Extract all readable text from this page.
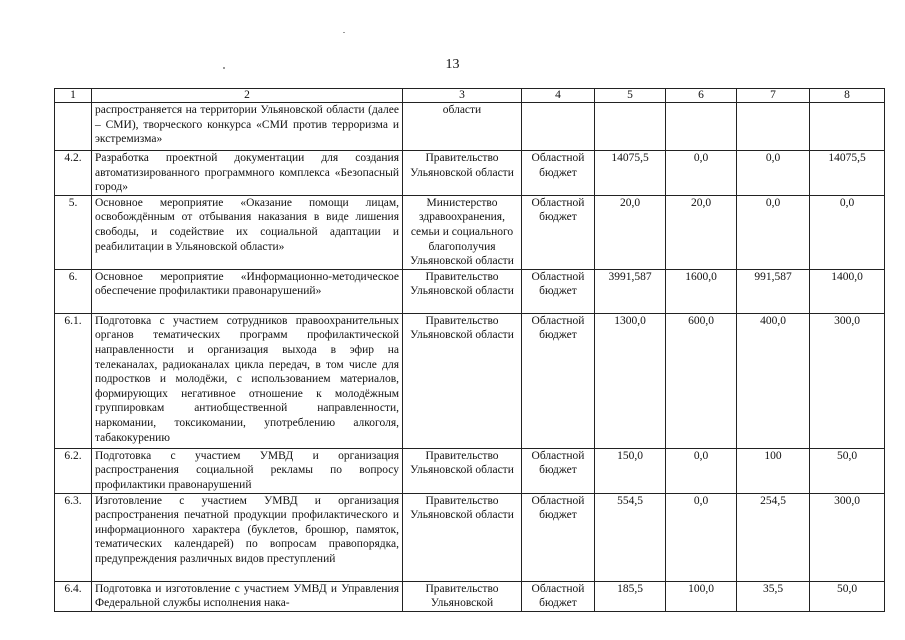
13
1	2	3	4	5	6	7	8
	распространяется на территории Ульяновской области (далее – СМИ), творческого конкурса «СМИ против терроризма и экстремизма»	области					
4.2.	Разработка проектной документации для создания автоматизированного программного комплекса «Безопасный город»	Правительство Ульяновской области	Областной бюджет	14075,5	0,0	0,0	14075,5
5.	Основное мероприятие «Оказание помощи лицам, освобождённым от отбывания наказания в виде лишения свободы, и содействие их социальной адаптации и реабилитации в Ульяновской области»	Министерство здравоохранения, семьи и социального благополучия Ульяновской области	Областной бюджет	20,0	20,0	0,0	0,0
6.	Основное мероприятие «Информационно-методическое обеспечение профилактики правонарушений»	Правительство Ульяновской области	Областной бюджет	3991,587	1600,0	991,587	1400,0
6.1.	Подготовка с участием сотрудников правоохранительных органов тематических программ профилактической направленности и организация выхода в эфир на телеканалах, радиоканалах цикла передач, в том числе для подростков и молодёжи, с использованием материалов, формирующих негативное отношение к молодёжным группировкам антиобщественной направленности, наркомании, токсикомании, употреблению алкоголя, табакокурению	Правительство Ульяновской области	Областной бюджет	1300,0	600,0	400,0	300,0
6.2.	Подготовка с участием УМВД и организация распространения социальной рекламы по вопросу профилактики правонарушений	Правительство Ульяновской области	Областной бюджет	150,0	0,0	100	50,0
6.3.	Изготовление с участием УМВД и организация распространения печатной продукции профилактического и информационного характера (буклетов, брошюр, памяток, тематических календарей) по вопросам правопорядка, предупреждения различных видов преступлений	Правительство Ульяновской области	Областной бюджет	554,5	0,0	254,5	300,0
6.4.	Подготовка и изготовление с участием УМВД и Управления Федеральной службы исполнения нака-	Правительство Ульяновской	Областной бюджет	185,5	100,0	35,5	50,0
